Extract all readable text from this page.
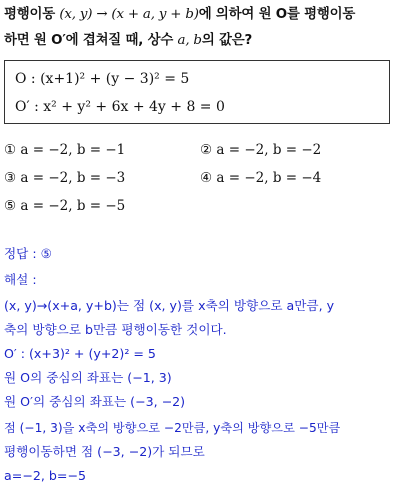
평행이동 (x, y) → (x + a, y + b)에 의하여 원 O를 평행이동
하면 원 O′에 겹쳐질 때, 상수 a, b의 값은?
O : (x+1)² + (y − 3)² = 5
O′ : x² + y² + 6x + 4y + 8 = 0
① a = −2, b = −1	② a = −2, b = −2
③ a = −2, b = −3	④ a = −2, b = −4
⑤ a = −2, b = −5
정답 : ⑤
해설 :
(x, y)→(x+a, y+b)는 점 (x, y)를 x축의 방향으로 a만큼, y
축의 방향으로 b만큼 평행이동한 것이다.
O′ : (x+3)² + (y+2)² = 5
원 O의 중심의 좌표는 (−1, 3)
원 O′의 중심의 좌표는 (−3, −2)
점 (−1, 3)을 x축의 방향으로 −2만큼, y축의 방향으로 −5만큼
평행이동하면 점 (−3, −2)가 되므로
a=−2, b=−5
